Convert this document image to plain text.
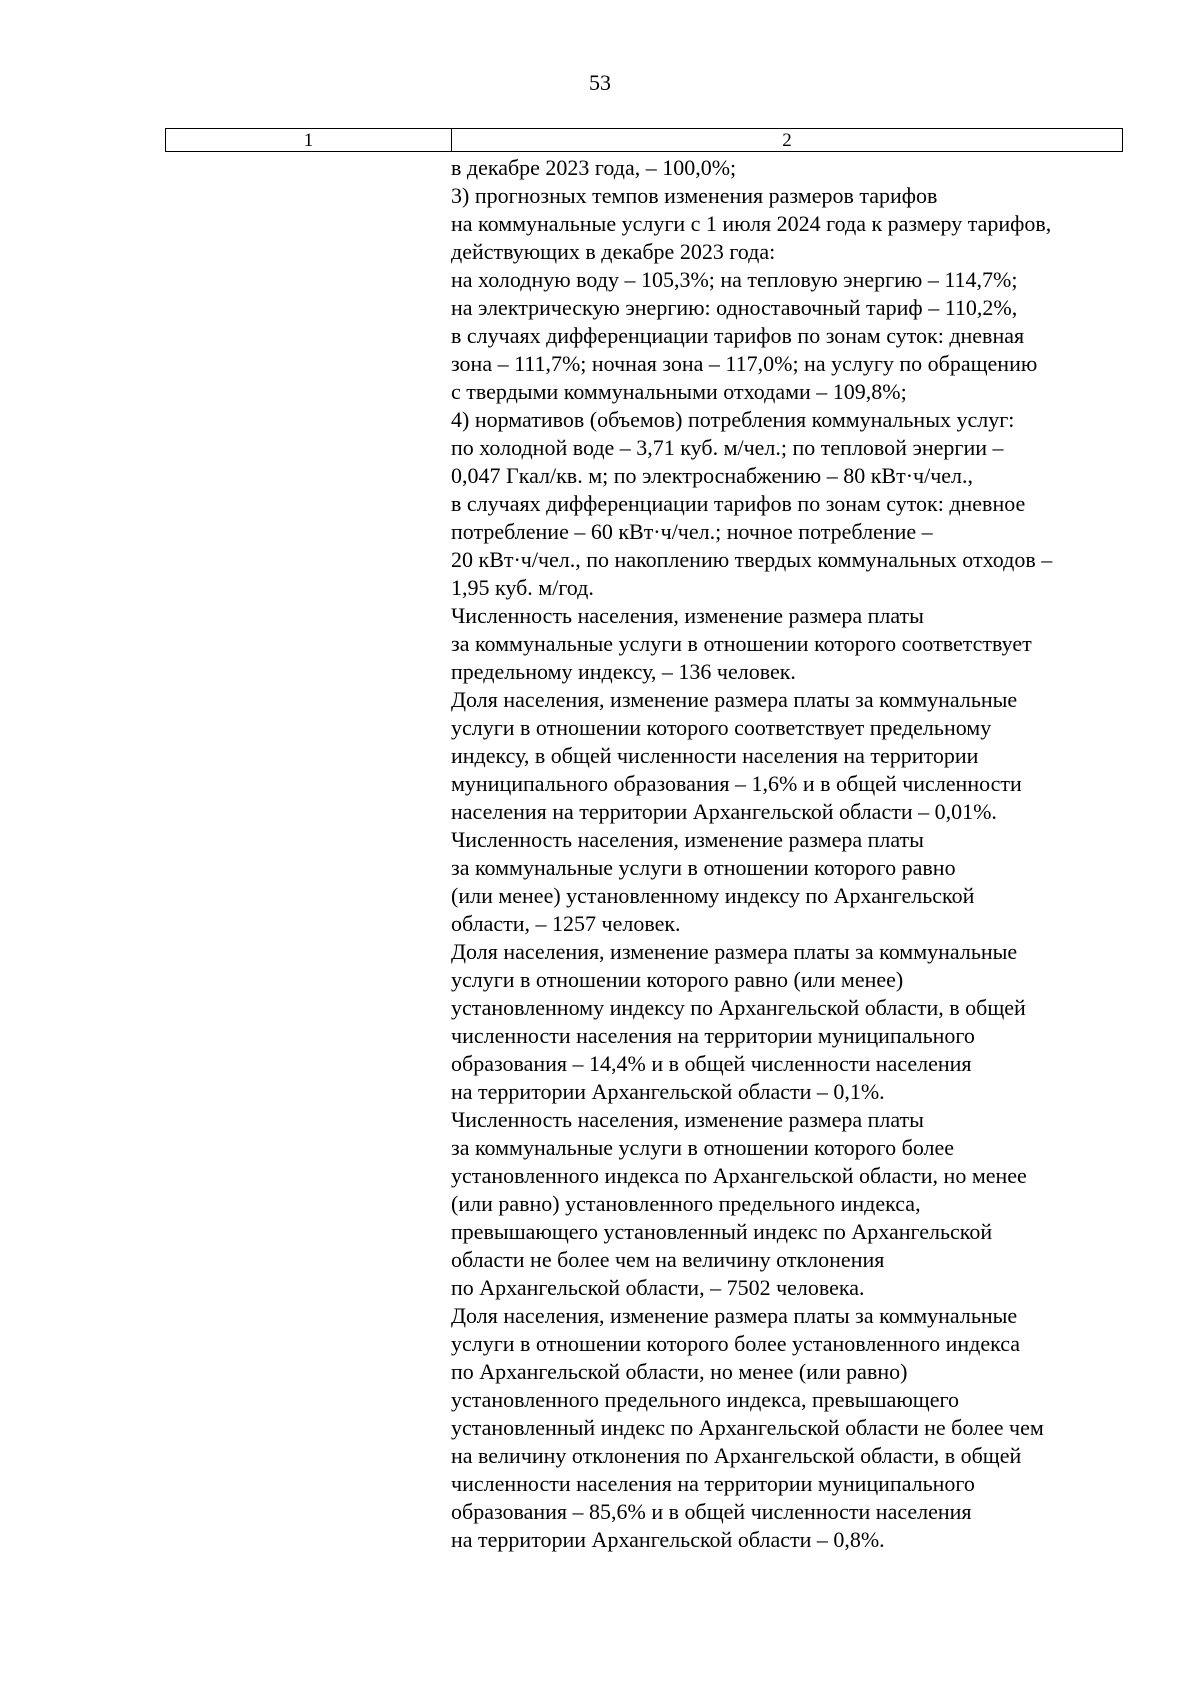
53
1	2
в декабре 2023 года, – 100,0%;
3) прогнозных темпов изменения размеров тарифов
на коммунальные услуги с 1 июля 2024 года к размеру тарифов,
действующих в декабре 2023 года:
на холодную воду – 105,3%; на тепловую энергию – 114,7%;
на электрическую энергию: одноставочный тариф – 110,2%,
в случаях дифференциации тарифов по зонам суток: дневная
зона – 111,7%; ночная зона – 117,0%; на услугу по обращению
с твердыми коммунальными отходами – 109,8%;
4) нормативов (объемов) потребления коммунальных услуг:
по холодной воде – 3,71 куб. м/чел.; по тепловой энергии –
0,047 Гкал/кв. м; по электроснабжению – 80 кВт·ч/чел.,
в случаях дифференциации тарифов по зонам суток: дневное
потребление – 60 кВт·ч/чел.; ночное потребление –
20 кВт·ч/чел., по накоплению твердых коммунальных отходов –
1,95 куб. м/год.
Численность населения, изменение размера платы
за коммунальные услуги в отношении которого соответствует
предельному индексу, – 136 человек.
Доля населения, изменение размера платы за коммунальные
услуги в отношении которого соответствует предельному
индексу, в общей численности населения на территории
муниципального образования – 1,6% и в общей численности
населения на территории Архангельской области – 0,01%.
Численность населения, изменение размера платы
за коммунальные услуги в отношении которого равно
(или менее) установленному индексу по Архангельской
области, – 1257 человек.
Доля населения, изменение размера платы за коммунальные
услуги в отношении которого равно (или менее)
установленному индексу по Архангельской области, в общей
численности населения на территории муниципального
образования – 14,4% и в общей численности населения
на территории Архангельской области – 0,1%.
Численность населения, изменение размера платы
за коммунальные услуги в отношении которого более
установленного индекса по Архангельской области, но менее
(или равно) установленного предельного индекса,
превышающего установленный индекс по Архангельской
области не более чем на величину отклонения
по Архангельской области, – 7502 человека.
Доля населения, изменение размера платы за коммунальные
услуги в отношении которого более установленного индекса
по Архангельской области, но менее (или равно)
установленного предельного индекса, превышающего
установленный индекс по Архангельской области не более чем
на величину отклонения по Архангельской области, в общей
численности населения на территории муниципального
образования – 85,6% и в общей численности населения
на территории Архангельской области – 0,8%.
